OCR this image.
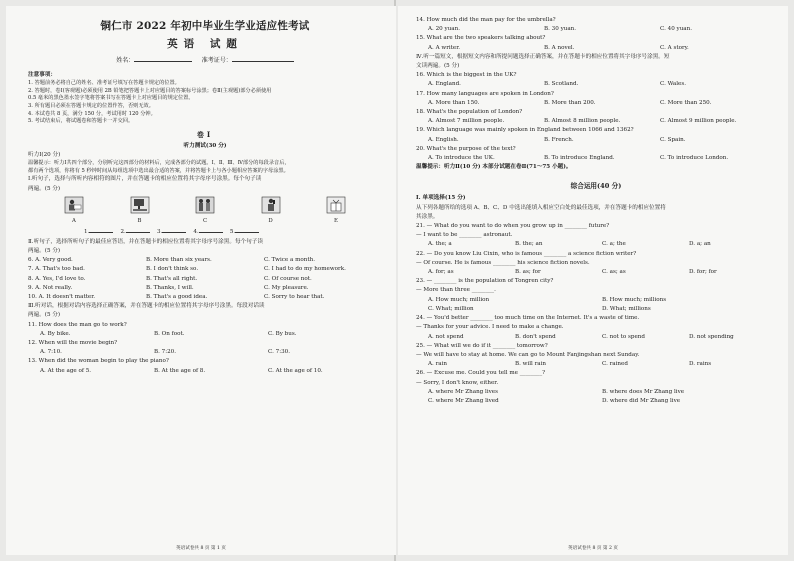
铜仁市 2022 年初中毕业生学业适应性考试
英语 试题
姓名：	准考证号：
注意事项：
1. 答题前务必将自己的姓名、准考证号填写在答题卡规定的位置。
2. 答题时，卷Ⅰ(客观题)必须使用 2B 铅笔把答题卡上对应题目的答案标号涂黑；卷Ⅱ(主观题)部分必须使用
0.5 毫米的黑色墨水签字笔将答案书写在答题卡上对应题目的规定位置。
3. 所有题目必须在答题卡规定的位置作答，否则无效。
4. 本试卷共 8 页，满分 150 分，考试用时 120 分钟。
5. 考试结束后，将试题卷和答题卡一并交回。
卷Ⅰ
听力测试(30 分)
听力Ⅰ(20 分)
温馨提示：听力Ⅰ共四个部分，分别听完这四部分的材料后，完成各部分的试题。Ⅰ、Ⅱ、Ⅲ、Ⅳ部分的每段录音后，
都有两个选项，你将有 5 秒钟时间从每组选项中选出最合适的答案，并将答题卡上与各小题相应答案的字母涂黑。
Ⅰ.听句子，选择与所听内容相符的图片，并在答题卡的相应位置将其字母序号涂黑。每个句子读
两遍。(5 分)
A	B	C	D	E
1.	2.	3.	4.	5.
Ⅱ.听句子，选择所听句子的最佳应答语，并在答题卡的相应位置将其字母序号涂黑。每个句子读
两遍。(5 分)
6. A. Very good.	B. More than six years.	C. Twice a month.
7. A. That's too bad.	B. I don't think so.	C. I had to do my homework.
8. A. Yes, I'd love to.	B. That's all right.	C. Of course not.
9. A. Not really.	B. Thanks, I will.	C. My pleasure.
10. A. It doesn't matter.	B. That's a good idea.	C. Sorry to hear that.
Ⅲ.听对话，根据对话内容选择正确答案，并在答题卡的相应位置将其字母序号涂黑。每段对话读
两遍。(5 分)
11. How does the man go to work?
A. By bike.	B. On foot.	C. By bus.
12. When will the movie begin?
A. 7:10.	B. 7:20.	C. 7:30.
13. When did the woman begin to play the piano?
A. At the age of 5.	B. At the age of 8.	C. At the age of 10.
英语试卷共 8 页 第 1 页
14. How much did the man pay for the umbrella?
A. 20 yuan.	B. 30 yuan.	C. 40 yuan.
15. What are the two speakers talking about?
A. A writer.	B. A novel.	C. A story.
Ⅳ.听一篇短文，根据短文内容和所提问题选择正确答案，并在答题卡的相应位置将其字母序号涂黑。短
文读两遍。(5 分)
16. Which is the biggest in the UK?
A. England.	B. Scotland.	C. Wales.
17. How many languages are spoken in London?
A. More than 150.	B. More than 200.	C. More than 250.
18. What's the population of London?
A. Almost 7 million people.	B. Almost 8 million people.	C. Almost 9 million people.
19. Which language was mainly spoken in England between 1066 and 1362?
A. English.	B. French.	C. Spain.
20. What's the purpose of the text?
A. To introduce the UK.	B. To introduce England.	C. To introduce London.
温馨提示：听力Ⅱ(10 分) 本部分试题在卷Ⅱ(71～75 小题)。
综合运用(40 分)
Ⅰ. 单项选择(15 分)
从下列各题所给的选项 A、B、C、D 中选出能填入相应空白处的最佳选项，并在答题卡的相应位置将
其涂黑。
21. — What do you want to do when you grow up in ________ future?
— I want to be ________ astronaut.
A. the; a	B. the; an	C. a; the	D. a; an
22. — Do you know Liu Cixin, who is famous ________ a science fiction writer?
— Of course. He is famous ________ his science fiction novels.
A. for; as	B. as; for	C. as; as	D. for; for
23. — ________ is the population of Tongren city?
— More than three ________.
A. How much; million	B. How much; millions
C. What; million	D. What; millions
24. — You'd better ________ too much time on the Internet. It's a waste of time.
— Thanks for your advice. I need to make a change.
A. not spend	B. don't spend	C. not to spend	D. not spending
25. — What will we do if it ________ tomorrow?
— We will have to stay at home. We can go to Mount Fanjingshan next Sunday.
A. rain	B. will rain	C. rained	D. rains
26. — Excuse me. Could you tell me ________?
— Sorry, I don't know, either.
A. where Mr Zhang lives	B. where does Mr Zhang live
C. where Mr Zhang lived	D. where did Mr Zhang live
英语试卷共 8 页 第 2 页
